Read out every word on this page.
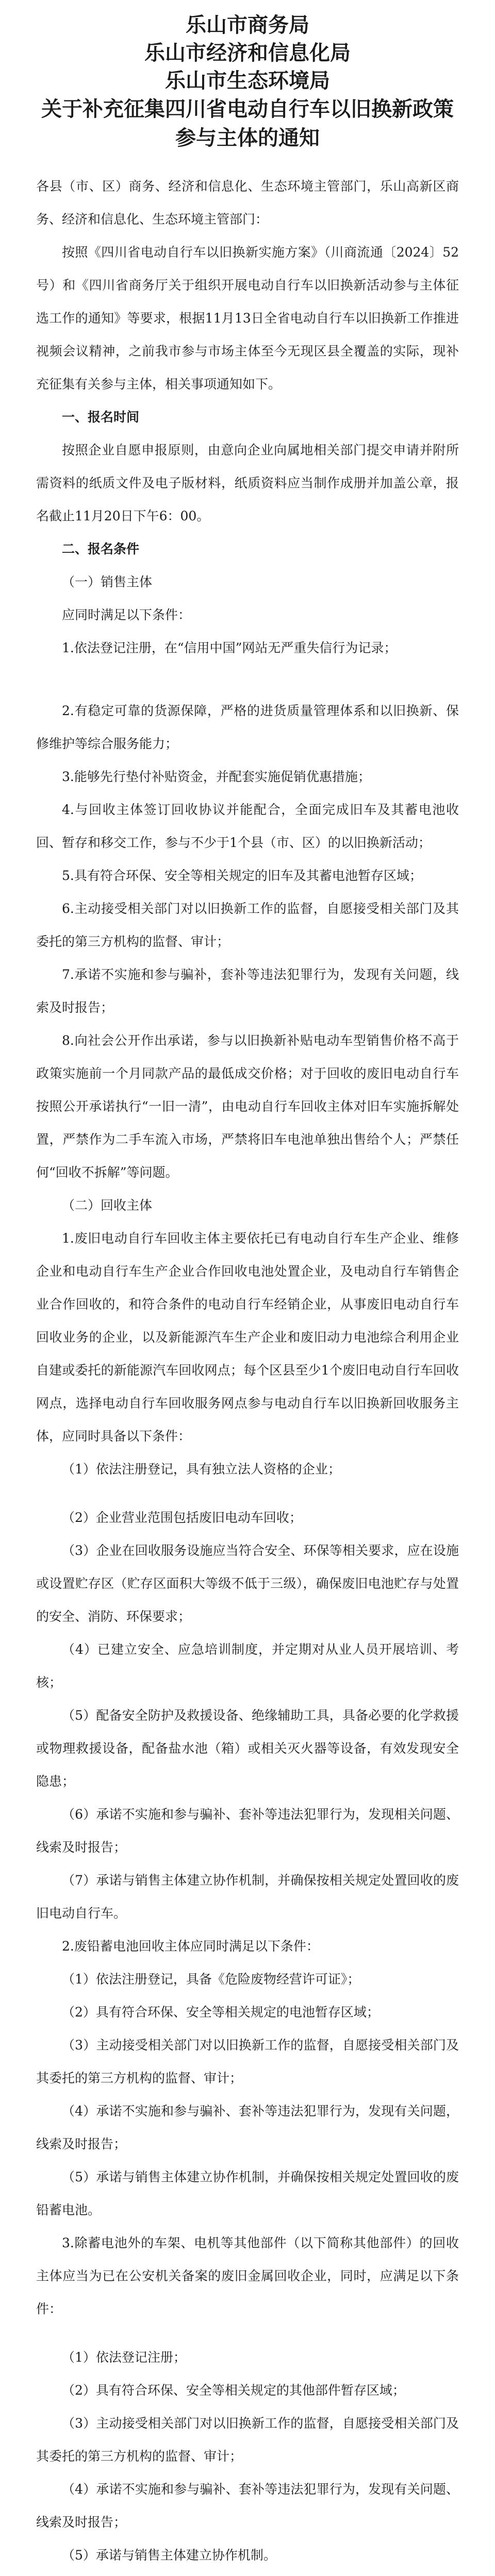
乐山市商务局

乐山市经济和信息化局

乐山市生态环境局

关于补充征集四川省电动自行车以旧换新政策
参与主体的通知

各县（市、区）商务、经济和信息化、生态环境主管部门，乐山高新区商务、经济和信息化、生态环境主管部门：

按照《四川省电动自行车以旧换新实施方案》（川商流通〔2024〕52号）和《四川省商务厅关于组织开展电动自行车以旧换新活动参与主体征选工作的通知》等要求，根据11月13日全省电动自行车以旧换新工作推进视频会议精神，之前我市参与市场主体至今无现区县全覆盖的实际，现补充征集有关参与主体，相关事项通知如下。

一、报名时间

按照企业自愿申报原则，由意向企业向属地相关部门提交申请并附所需资料的纸质文件及电子版材料，纸质资料应当制作成册并加盖公章，报名截止11月20日下午6：00。

二、报名条件

（一）销售主体

应同时满足以下条件：

1.依法登记注册，在“信用中国”网站无严重失信行为记录；

2.有稳定可靠的货源保障，严格的进货质量管理体系和以旧换新、保修维护等综合服务能力；

3.能够先行垫付补贴资金，并配套实施促销优惠措施；

4.与回收主体签订回收协议并能配合，全面完成旧车及其蓄电池收回、暂存和移交工作，参与不少于1个县（市、区）的以旧换新活动；

5.具有符合环保、安全等相关规定的旧车及其蓄电池暂存区域；

6.主动接受相关部门对以旧换新工作的监督，自愿接受相关部门及其委托的第三方机构的监督、审计；

7.承诺不实施和参与骗补，套补等违法犯罪行为，发现有关问题，线索及时报告；

8.向社会公开作出承诺，参与以旧换新补贴电动车型销售价格不高于政策实施前一个月同款产品的最低成交价格；对于回收的废旧电动自行车按照公开承诺执行“一旧一清”，由电动自行车回收主体对旧车实施拆解处置，严禁作为二手车流入市场，严禁将旧车电池单独出售给个人；严禁任何“回收不拆解”等问题。

（二）回收主体

1.废旧电动自行车回收主体主要依托已有电动自行车生产企业、维修企业和电动自行车生产企业合作回收电池处置企业，及电动自行车销售企业合作回收的，和符合条件的电动自行车经销企业，从事废旧电动自行车回收业务的企业，以及新能源汽车生产企业和废旧动力电池综合利用企业自建或委托的新能源汽车回收网点；每个区县至少1个废旧电动自行车回收网点，选择电动自行车回收服务网点参与电动自行车以旧换新回收服务主体，应同时具备以下条件：

（1）依法注册登记，具有独立法人资格的企业；

（2）企业营业范围包括废旧电动车回收；

（3）企业在回收服务设施应当符合安全、环保等相关要求，应在设施或设置贮存区（贮存区面积大等级不低于三级），确保废旧电池贮存与处置的安全、消防、环保要求；

（4）已建立安全、应急培训制度，并定期对从业人员开展培训、考核；

（5）配备安全防护及救援设备、绝缘辅助工具，具备必要的化学救援或物理救援设备，配备盐水池（箱）或相关灭火器等设备，有效发现安全隐患；

（6）承诺不实施和参与骗补、套补等违法犯罪行为，发现相关问题、线索及时报告；

（7）承诺与销售主体建立协作机制，并确保按相关规定处置回收的废旧电动自行车。

2.废铅蓄电池回收主体应同时满足以下条件：

（1）依法注册登记，具备《危险废物经营许可证》；

（2）具有符合环保、安全等相关规定的电池暂存区域；

（3）主动接受相关部门对以旧换新工作的监督，自愿接受相关部门及其委托的第三方机构的监督、审计；

（4）承诺不实施和参与骗补、套补等违法犯罪行为，发现有关问题，线索及时报告；

（5）承诺与销售主体建立协作机制，并确保按相关规定处置回收的废铅蓄电池。

3.除蓄电池外的车架、电机等其他部件（以下简称其他部件）的回收主体应当为已在公安机关备案的废旧金属回收企业，同时，应满足以下条件：

（1）依法登记注册；

（2）具有符合环保、安全等相关规定的其他部件暂存区域；

（3）主动接受相关部门对以旧换新工作的监督，自愿接受相关部门及其委托的第三方机构的监督、审计；

（4）承诺不实施和参与骗补、套补等违法犯罪行为，发现有关问题、线索及时报告；

（5）承诺与销售主体建立协作机制。
